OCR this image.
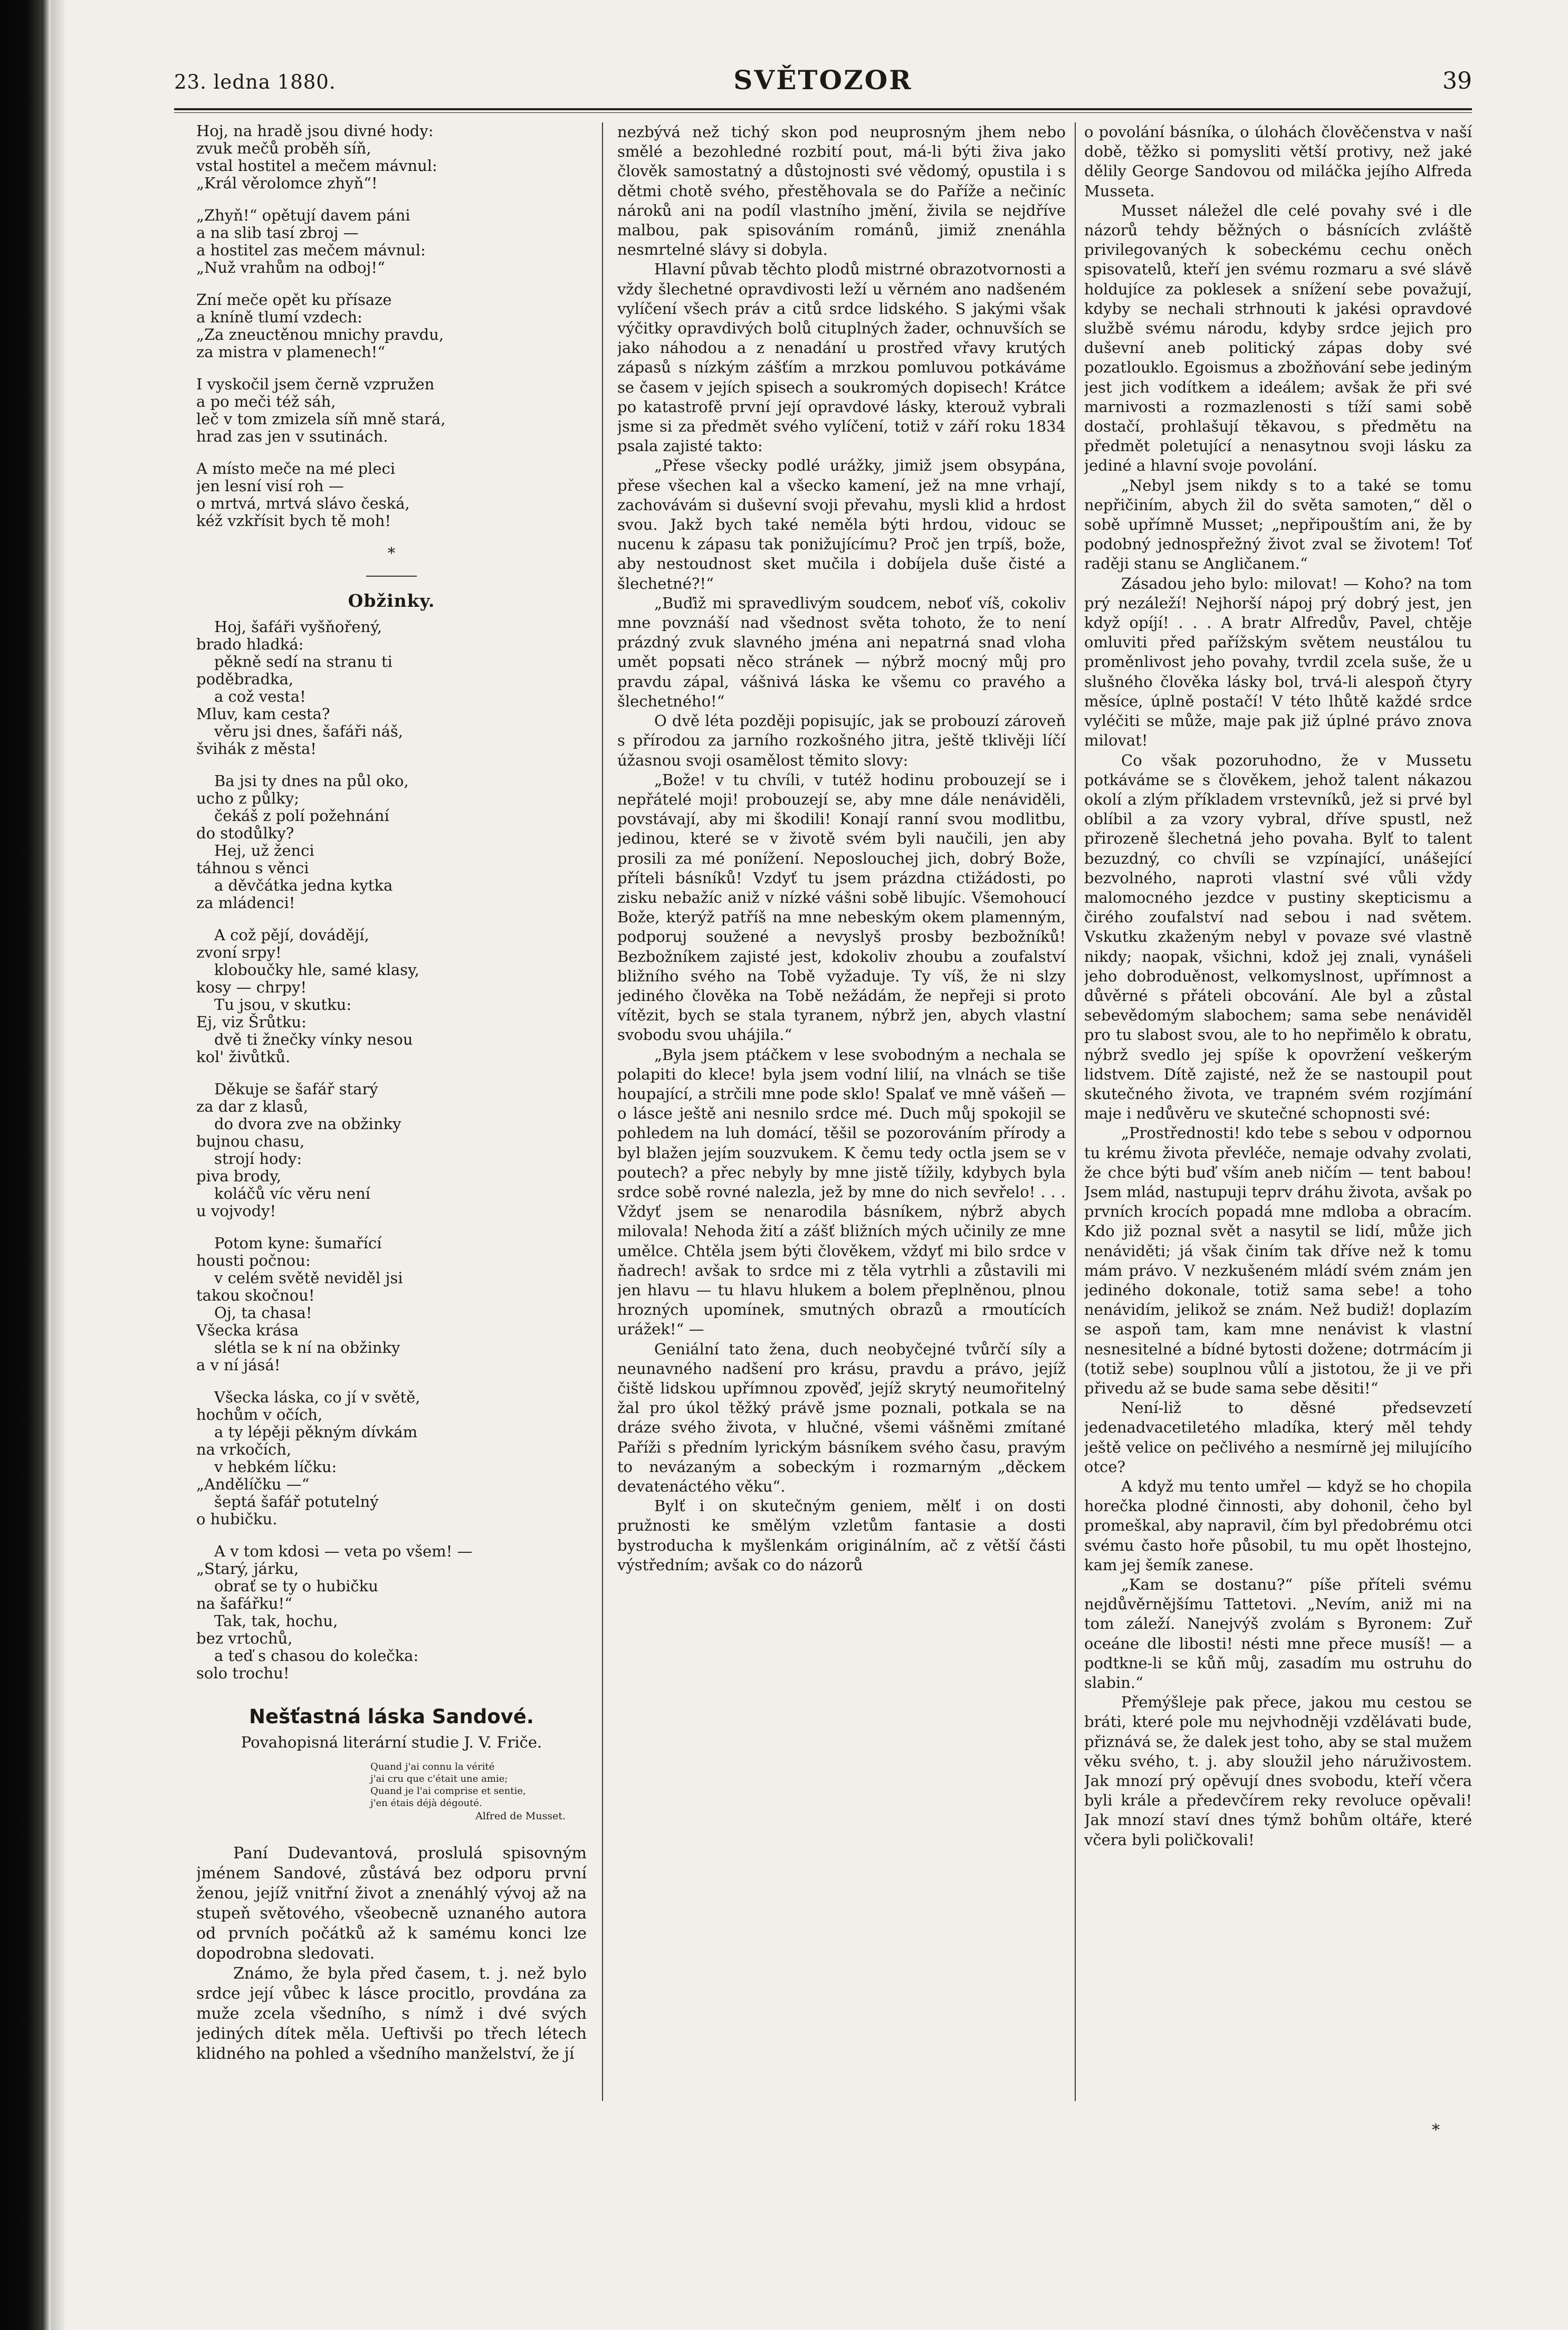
23. ledna 1880.	SVĚTOZOR	39
Hoj, na hradě jsou divné hody:
zvuk mečů proběh síň,
vstal hostitel a mečem mávnul:
„Král věrolomce zhyň“!
„Zhyň!“ opětují davem páni
a na slib tasí zbroj —
a hostitel zas mečem mávnul:
„Nuž vrahům na odboj!“
Zní meče opět ku přísaze
a kníně tlumí vzdech:
„Za zneuctěnou mnichy pravdu,
za mistra v plamenech!“
I vyskočil jsem černě vzpružen
a po meči též sáh,
leč v tom zmizela síň mně stará,
hrad zas jen v ssutinách.
A místo meče na mé pleci
jen lesní visí roh —
o mrtvá, mrtvá slávo česká,
kéž vzkřísit bych tě moh!
*
Obžinky.
Hoj, šafáři vyšňořený,
brado hladká:
pěkně sedí na stranu ti
poděbradka,
a což vesta!
Mluv, kam cesta?
věru jsi dnes, šafáři náš,
švihák z města!
Ba jsi ty dnes na půl oko,
ucho z půlky;
čekáš z polí požehnání
do stodůlky?
Hej, už ženci
táhnou s věnci
a děvčátka jedna kytka
za mládenci!
A což pějí, dovádějí,
zvoní srpy!
kloboučky hle, samé klasy,
kosy — chrpy!
Tu jsou, v skutku:
Ej, viz Šrůtku:
dvě ti žnečky vínky nesou
kol' živůtků.
Děkuje se šafář starý
za dar z klasů,
do dvora zve na obžinky
bujnou chasu,
strojí hody:
piva brody,
koláčů víc věru není
u vojvody!
Potom kyne: šumařící
housti počnou:
v celém světě neviděl jsi
takou skočnou!
Oj, ta chasa!
Všecka krása
slétla se k ní na obžinky
a v ní jásá!
Všecka láska, co jí v světě,
hochům v očích,
a ty lépěji pěkným dívkám
na vrkočích,
v hebkém líčku:
„Andělíčku —“
šeptá šafář potutelný
o hubičku.
A v tom kdosi — veta po všem! —
„Starý, járku,
obrať se ty o hubičku
na šafářku!“
Tak, tak, hochu,
bez vrtochů,
a teď s chasou do kolečka:
solo trochu!
Nešťastná láska Sandové.
Povahopisná literární studie J. V. Friče.
Quand j'ai connu la vérité
j'ai cru que c'était une amie;
Quand je l'ai comprise et sentie,
j'en étais déjà dégouté.
Alfred de Musset.

Paní Dudevantová, proslulá spisovným jménem Sandové, zůstává bez odporu první ženou, jejíž vnitřní život a znenáhlý vývoj až na stupeň světového, všeobecně uznaného autora od prvních počátků až k samému konci lze dopodrobna sledovati.

Známo, že byla před časem, t. j. než bylo srdce její vůbec k lásce procitlo, provdána za muže zcela všedního, s nímž i dvé svých jediných dítek měla. Ueftivši po třech létech klidného na pohled a všedního manželství, že jí

nezbývá než tichý skon pod neuprosným jhem nebo smělé a bezohledné rozbití pout, má-li býti živa jako člověk samostatný a důstojnosti své vědomý, opustila i s dětmi chotě svého, přestěhovala se do Paříže a nečiníc nároků ani na podíl vlastního jmění, živila se nejdříve malbou, pak spisováním románů, jimiž znenáhla nesmrtelné slávy si dobyla.

Hlavní půvab těchto plodů mistrné obrazotvornosti a vždy šlechetné opravdivosti leží u věrném ano nadšeném vylíčení všech práv a citů srdce lidského. S jakými však výčitky opravdivých bolů cituplných žader, ochnuvších se jako náhodou a z nenadání u prostřed vřavy krutých zápasů s nízkým zášťím a mrzkou pomluvou potkáváme se časem v jejích spisech a soukromých dopisech! Krátce po katastrofě první její opravdové lásky, kterouž vybrali jsme si za předmět svého vylíčení, totiž v září roku 1834 psala zajisté takto:

„Přese všecky podlé urážky, jimiž jsem obsypána, přese všechen kal a všecko kamení, jež na mne vrhají, zachovávám si duševní svoji převahu, mysli klid a hrdost svou. Jakž bych také neměla býti hrdou, vidouc se nucenu k zápasu tak ponižujícímu? Proč jen trpíš, bože, aby nestoudnost sket mučila i dobíjela duše čisté a šlechetné?!“

„Buďiž mi spravedlivým soudcem, neboť víš, cokoliv mne povznáší nad všednost světa tohoto, že to není prázdný zvuk slavného jména ani nepatrná snad vloha umět popsati něco stránek — nýbrž mocný můj pro pravdu zápal, vášnivá láska ke všemu co pravého a šlechetného!“

O dvě léta později popisujíc, jak se probouzí zároveň s přírodou za jarního rozkošného jitra, ještě tklivěji líčí úžasnou svoji osamělost těmito slovy:

„Bože! v tu chvíli, v tutéž hodinu probouzejí se i nepřátelé moji! probouzejí se, aby mne dále nenáviděli, povstávají, aby mi škodili! Konají ranní svou modlitbu, jedinou, které se v životě svém byli naučili, jen aby prosili za mé ponížení. Neposlouchej jich, dobrý Bože, příteli básníků! Vzdyť tu jsem prázdna ctižádosti, po zisku nebažíc aniž v nízké vášni sobě libujíc. Všemohoucí Bože, kterýž patříš na mne nebeským okem plamenným, podporuj soužené a nevyslyš prosby bezbožníků! Bezbožníkem zajisté jest, kdokoliv zhoubu a zoufalství bližního svého na Tobě vyžaduje. Ty víš, že ni slzy jediného člověka na Tobě nežádám, že nepřeji si proto vítězit, bych se stala tyranem, nýbrž jen, abych vlastní svobodu svou uhájila.“

„Byla jsem ptáčkem v lese svobodným a nechala se polapiti do klece! byla jsem vodní lilií, na vlnách se tiše houpající, a strčili mne pode sklo! Spalať ve mně vášeň — o lásce ještě ani nesnilo srdce mé. Duch můj spokojil se pohledem na luh domácí, těšil se pozorováním přírody a byl blažen jejím souzvukem. K čemu tedy octla jsem se v poutech? a přec nebyly by mne jistě tížily, kdybych byla srdce sobě rovné nalezla, jež by mne do nich sevřelo! . . . Vždyť jsem se nenarodila básníkem, nýbrž abych milovala! Nehoda žití a zášť bližních mých učinily ze mne umělce. Chtěla jsem býti člověkem, vždyť mi bilo srdce v ňadrech! avšak to srdce mi z těla vytrhli a zůstavili mi jen hlavu — tu hlavu hlukem a bolem přeplněnou, plnou hrozných upomínek, smutných obrazů a rmoutících urážek!“ —

Geniální tato žena, duch neobyčejné tvůrčí síly a neunavného nadšení pro krásu, pravdu a právo, jejíž čiště lidskou upřímnou zpověď, jejíž skrytý neumořitelný žal pro úkol těžký právě jsme poznali, potkala se na dráze svého života, v hlučné, všemi vášněmi zmítané Paříži s předním lyrickým básníkem svého času, pravým to nevázaným a sobeckým i rozmarným „děckem devatenáctého věku“.

Bylť i on skutečným geniem, mělť i on dosti pružnosti ke smělým vzletům fantasie a dosti bystroducha k myšlenkám originálním, ač z větší části výstředním; avšak co do názorů

o povolání básníka, o úlohách člověčenstva v naší době, těžko si pomysliti větší protivy, než jaké dělily George Sandovou od miláčka jejího Alfreda Musseta.

Musset náležel dle celé povahy své i dle názorů tehdy běžných o básnících zvláště privilegovaných k sobeckému cechu oněch spisovatelů, kteří jen svému rozmaru a své slávě holdujíce za poklesek a snížení sebe považují, kdyby se nechali strhnouti k jakési opravdové službě svému národu, kdyby srdce jejich pro duševní aneb politický zápas doby své pozatlouklo. Egoismus a zbožňování sebe jediným jest jich vodítkem a ideálem; avšak že při své marnivosti a rozmazlenosti s tíží sami sobě dostačí, prohlašují těkavou, s předmětu na předmět poletující a nenasytnou svoji lásku za jediné a hlavní svoje povolání.

„Nebyl jsem nikdy s to a také se tomu nepřičiním, abych žil do světa samoten,“ děl o sobě upřímně Musset; „nepřipouštím ani, že by podobný jednospřežný život zval se životem! Toť raději stanu se Angličanem.“

Zásadou jeho bylo: milovat! — Koho? na tom prý nezáleží! Nejhorší nápoj prý dobrý jest, jen když opíjí! . . . A bratr Alfredův, Pavel, chtěje omluviti před pařížským světem neustálou tu proměnlivost jeho povahy, tvrdil zcela suše, že u slušného člověka lásky bol, trvá-li alespoň čtyry měsíce, úplně postačí! V této lhůtě každé srdce vyléčiti se může, maje pak již úplné právo znova milovat!

Co však pozoruhodno, že v Mussetu potkáváme se s člověkem, jehož talent nákazou okolí a zlým příkladem vrstevníků, jež si prvé byl oblíbil a za vzory vybral, dříve spustl, než přirozeně šlechetná jeho povaha. Bylť to talent bezuzdný, co chvíli se vzpínající, unášející bezvolného, naproti vlastní své vůli vždy malomocného jezdce v pustiny skepticismu a čirého zoufalství nad sebou i nad světem. Vskutku zkaženým nebyl v povaze své vlastně nikdy; naopak, všichni, kdož jej znali, vynášeli jeho dobroduěnost, velkomyslnost, upřímnost a důvěrné s přáteli obcování. Ale byl a zůstal sebevědomým slabochem; sama sebe nenáviděl pro tu slabost svou, ale to ho nepřimělo k obratu, nýbrž svedlo jej spíše k opovržení veškerým lidstvem. Dítě zajisté, než že se nastoupil pout skutečného života, ve trapném svém rozjímání maje i nedůvěru ve skutečné schopnosti své:

„Prostřednosti! kdo tebe s sebou v odpornou tu krému života převléče, nemaje odvahy zvolati, že chce býti buď vším aneb ničím — tent babou! Jsem mlád, nastupuji teprv dráhu života, avšak po prvních krocích popadá mne mdloba a obracím. Kdo již poznal svět a nasytil se lidí, může jich nenáviděti; já však činím tak dříve než k tomu mám právo. V nezkušeném mládí svém znám jen jediného dokonale, totiž sama sebe! a toho nenávidím, jelikož se znám. Než budiž! doplazím se aspoň tam, kam mne nenávist k vlastní nesnesitelné a bídné bytosti dožene; dotrmácím ji (totiž sebe) souplnou vůlí a jistotou, že ji ve při přivedu až se bude sama sebe děsiti!“

Není-liž to děsné předsevzetí jedenadvacetiletého mladíka, který měl tehdy ještě velice on pečlivého a nesmírně jej milujícího otce?

A když mu tento umřel — když se ho chopila horečka plodné činnosti, aby dohonil, čeho byl promeškal, aby napravil, čím byl předobrému otci svému často hoře působil, tu mu opět lhostejno, kam jej šemík zanese.

„Kam se dostanu?“ píše příteli svému nejdůvěrnějšímu Tattetovi. „Nevím, aniž mi na tom záleží. Nanejvýš zvolám s Byronem: Zuř oceáne dle libosti! nésti mne přece musíš! — a podtkne-li se kůň můj, zasadím mu ostruhu do slabin.“

Přemýšleje pak přece, jakou mu cestou se bráti, které pole mu nejvhodněji vzdělávati bude, přiznává se, že dalek jest toho, aby se stal mužem věku svého, t. j. aby sloužil jeho náruživostem. Jak mnozí prý opěvují dnes svobodu, kteří včera byli krále a předevčírem reky revoluce opěvali! Jak mnozí staví dnes týmž bohům oltáře, které včera byli poličkovali!

*
